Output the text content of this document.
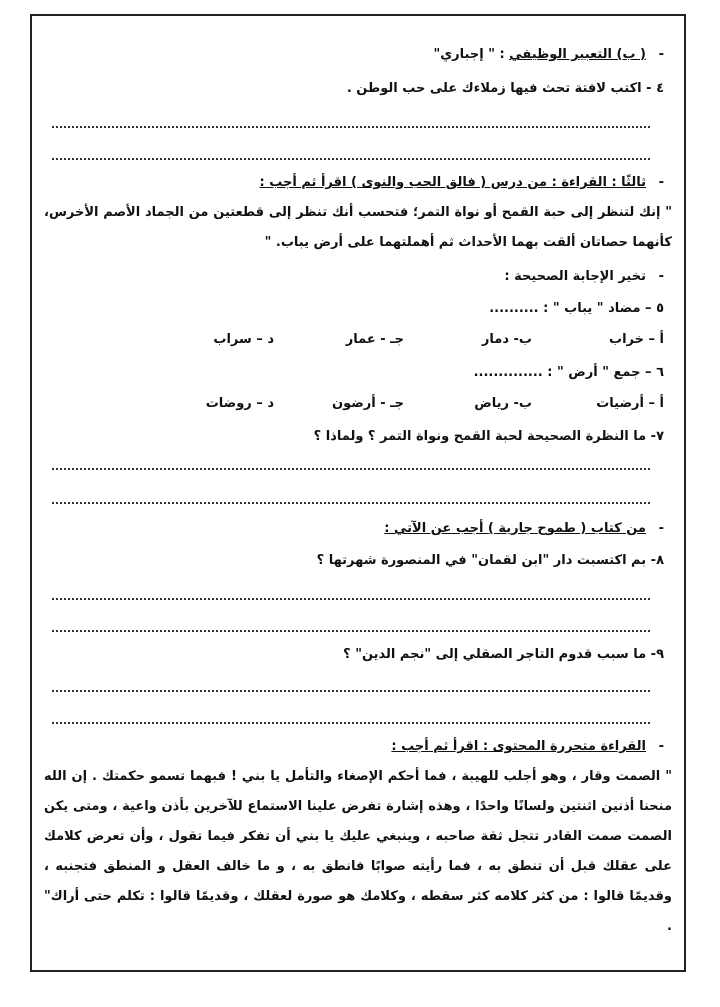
-( ب) التعبير الوظيفي : " إجباري"
٤ - اكتب لافتة تحث فيها زملاءك على حب الوطن .
-ثالثًا : القراءة : من درس ( فالق الحب والنوى ) اقرأ ثم أجب :
" إنك لتنظر إلى حبة القمح أو نواة التمر؛ فتحسب أنك تنظر إلى قطعتين من الجماد الأصم الأخرس، كأنهما حصاتان ألقت بهما الأحداث ثم أهملتهما على أرض يباب. "
-تخير الإجابة الصحيحة :
٥ – مضاد " يباب " : ..........
أ – خراب
ب- دمار
جـ - عمار
د – سراب
٦ – جمع " أرض " : ..............
أ – أرضيات
ب- رياض
جـ - أرضون
د – روضات
٧- ما النظرة الصحيحة لحبة القمح ونواة التمر ؟ ولماذا ؟
-من كتاب ( طموح جارية ) أجب عن الآتي :
٨- بم اكتسبت دار "ابن لقمان" في المنصورة شهرتها ؟
٩- ما سبب قدوم التاجر الصقلي إلى "نجم الدين" ؟
-القراءة متحررة المحتوى : اقرأ ثم أجب :
" الصمت وقار ، وهو أجلب للهيبة ، فما أحكم الإصغاء والتأمل يا بني ! فبهما تسمو حكمتك . إن الله منحنا أذنين اثنتين ولسانًا واحدًا ، وهذه إشارة تفرض علينا الاستماع للآخرين بأذن واعية ، ومتى يكن الصمت صمت القادر تتجل ثقة صاحبه ، وينبغي عليك يا بني أن تفكر فيما تقول ، وأن تعرض كلامك على عقلك قبل أن تنطق به ، فما رأيته صوابًا فانطق به ، و ما خالف العقل و المنطق فتجنبه ، وقديمًا قالوا : من كثر كلامه كثر سقطه ، وكلامك هو صورة لعقلك ، وقديمًا قالوا : تكلم حتى أراك" .
